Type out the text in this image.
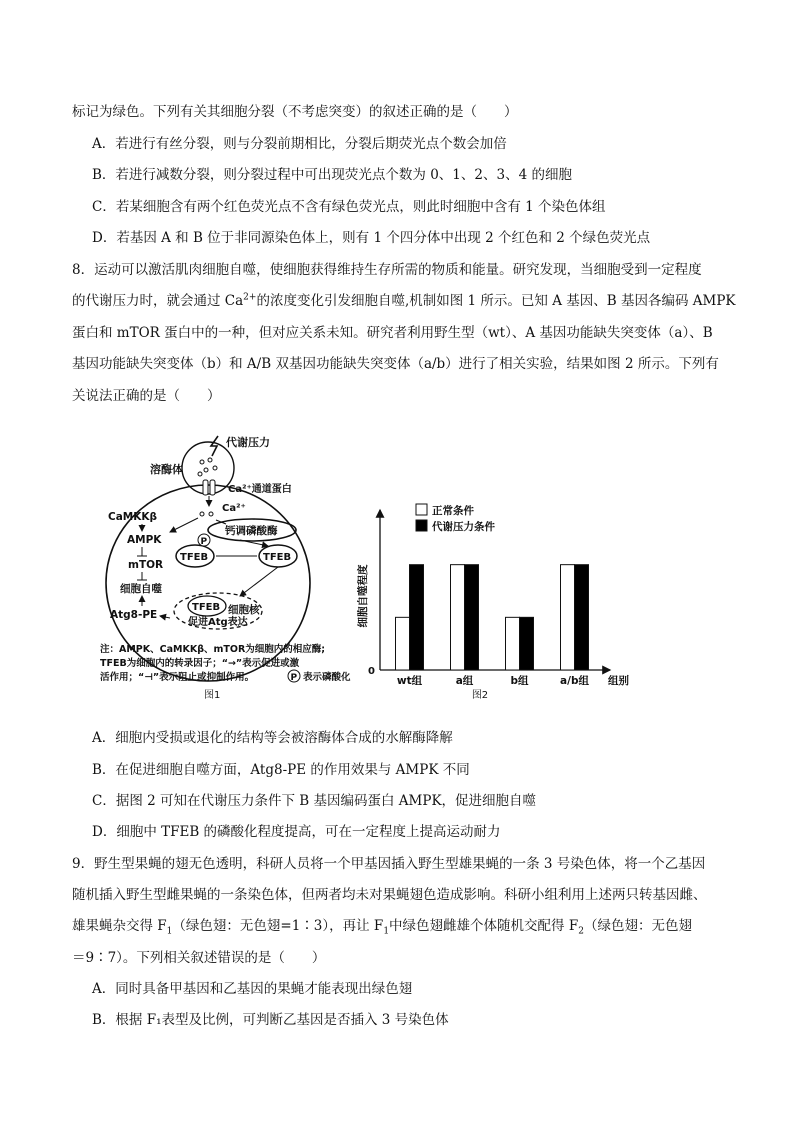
标记为绿色。下列有关其细胞分裂（不考虑突变）的叙述正确的是（　　）
A．若进行有丝分裂，则与分裂前期相比，分裂后期荧光点个数会加倍
B．若进行减数分裂，则分裂过程中可出现荧光点个数为 0、1、2、3、4 的细胞
C．若某细胞含有两个红色荧光点不含有绿色荧光点，则此时细胞中含有 1 个染色体组
D．若基因 A 和 B 位于非同源染色体上，则有 1 个四分体中出现 2 个红色和 2 个绿色荧光点
8．运动可以激活肌肉细胞自噬，使细胞获得维持生存所需的物质和能量。研究发现，当细胞受到一定程度
的代谢压力时，就会通过 $Ca^{2+}$的浓度变化引发细胞自噬,机制如图 1 所示。已知 A 基因、B 基因各编码 AMPK
蛋白和 mTOR 蛋白中的一种，但对应关系未知。研究者利用野生型（wt）、A 基因功能缺失突变体（a）、B
基因功能缺失突变体（b）和 A/B 双基因功能缺失突变体（a/b）进行了相关实验，结果如图 2 所示。下列有
关说法正确的是（　　）
代谢压力
溶酶体
Ca²⁺通道蛋白
Ca²⁺
钙调磷酸酶
CaMKKβ
AMPK
mTOR
细胞自噬
Atg8-PE
TFEB
P
TFEB
TFEB 细胞核
促进Atg表达
注：AMPK、CaMKKβ、mTOR为细胞内的相应酶;
TFEB为细胞内的转录因子；“→”表示促进或激
活作用；“⊣”表示阻止或抑制作用。	P 表示磷酸化
图1
0
细胞自噬程度
组别
正常条件
代谢压力条件
wt组	a组	b组	a/b组
图2
A．细胞内受损或退化的结构等会被溶酶体合成的水解酶降解
B．在促进细胞自噬方面，Atg8-PE 的作用效果与 AMPK 不同
C．据图 2 可知在代谢压力条件下 B 基因编码蛋白 AMPK，促进细胞自噬
D．细胞中 TFEB 的磷酸化程度提高，可在一定程度上提高运动耐力
9．野生型果蝇的翅无色透明，科研人员将一个甲基因插入野生型雄果蝇的一条 3 号染色体，将一个乙基因
随机插入野生型雌果蝇的一条染色体，但两者均未对果蝇翅色造成影响。科研小组利用上述两只转基因雌、
雄果蝇杂交得 $F_1$（绿色翅：无色翅=1∶3），再让 $F_1$中绿色翅雌雄个体随机交配得 $F_2$（绿色翅：无色翅
＝9∶7）。下列相关叙述错误的是（　　）
A．同时具备甲基因和乙基因的果蝇才能表现出绿色翅
B．根据 F₁表型及比例，可判断乙基因是否插入 3 号染色体
